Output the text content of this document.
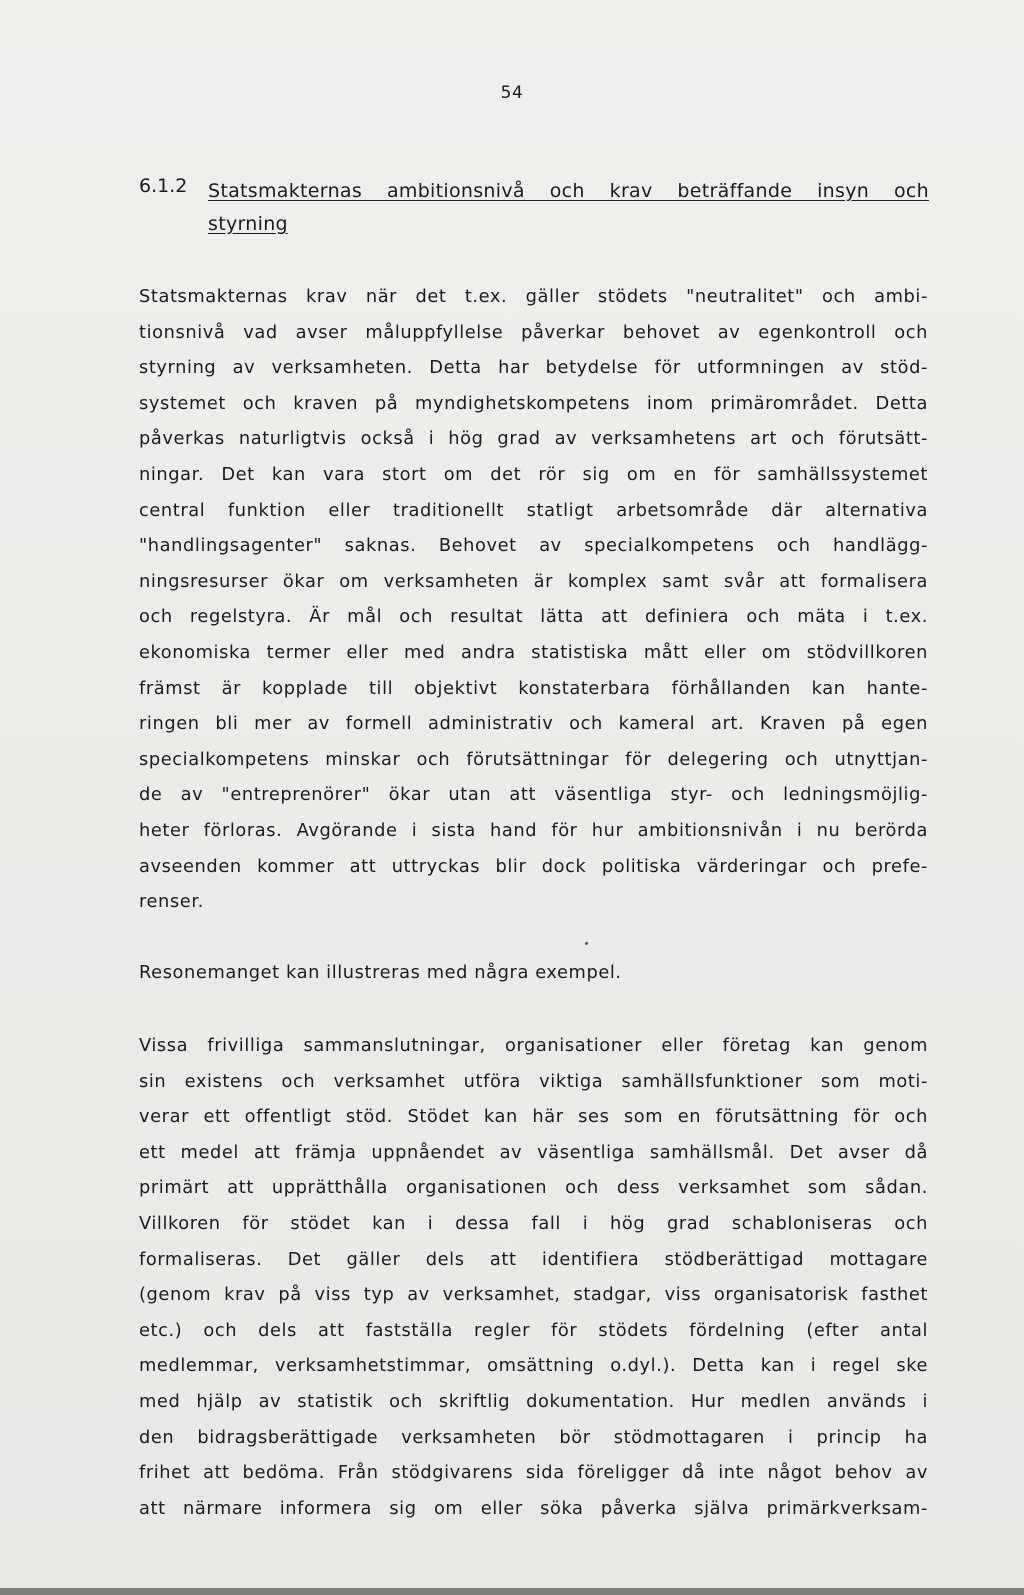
54
6.1.2 Statsmakternas ambitionsnivå och krav beträffande insyn och
styrning
Statsmakternas krav när det t.ex. gäller stödets "neutralitet" och ambi-
tionsnivå vad avser måluppfyllelse påverkar behovet av egenkontroll och
styrning av verksamheten. Detta har betydelse för utformningen av stöd-
systemet och kraven på myndighetskompetens inom primärområdet. Detta
påverkas naturligtvis också i hög grad av verksamhetens art och förutsätt-
ningar. Det kan vara stort om det rör sig om en för samhällssystemet
central funktion eller traditionellt statligt arbetsområde där alternativa
"handlingsagenter" saknas. Behovet av specialkompetens och handlägg-
ningsresurser ökar om verksamheten är komplex samt svår att formalisera
och regelstyra. Är mål och resultat lätta att definiera och mäta i t.ex.
ekonomiska termer eller med andra statistiska mått eller om stödvillkoren
främst är kopplade till objektivt konstaterbara förhållanden kan hante-
ringen bli mer av formell administrativ och kameral art. Kraven på egen
specialkompetens minskar och förutsättningar för delegering och utnyttjan-
de av "entreprenörer" ökar utan att väsentliga styr- och ledningsmöjlig-
heter förloras. Avgörande i sista hand för hur ambitionsnivån i nu berörda
avseenden kommer att uttryckas blir dock politiska värderingar och prefe-
renser.
Resonemanget kan illustreras med några exempel.
Vissa frivilliga sammanslutningar, organisationer eller företag kan genom
sin existens och verksamhet utföra viktiga samhällsfunktioner som moti-
verar ett offentligt stöd. Stödet kan här ses som en förutsättning för och
ett medel att främja uppnåendet av väsentliga samhällsmål. Det avser då
primärt att upprätthålla organisationen och dess verksamhet som sådan.
Villkoren för stödet kan i dessa fall i hög grad schabloniseras och
formaliseras. Det gäller dels att identifiera stödberättigad mottagare
(genom krav på viss typ av verksamhet, stadgar, viss organisatorisk fasthet
etc.) och dels att fastställa regler för stödets fördelning (efter antal
medlemmar, verksamhetstimmar, omsättning o.dyl.). Detta kan i regel ske
med hjälp av statistik och skriftlig dokumentation. Hur medlen används i
den bidragsberättigade verksamheten bör stödmottagaren i princip ha
frihet att bedöma. Från stödgivarens sida föreligger då inte något behov av
att närmare informera sig om eller söka påverka själva primärkverksam-
